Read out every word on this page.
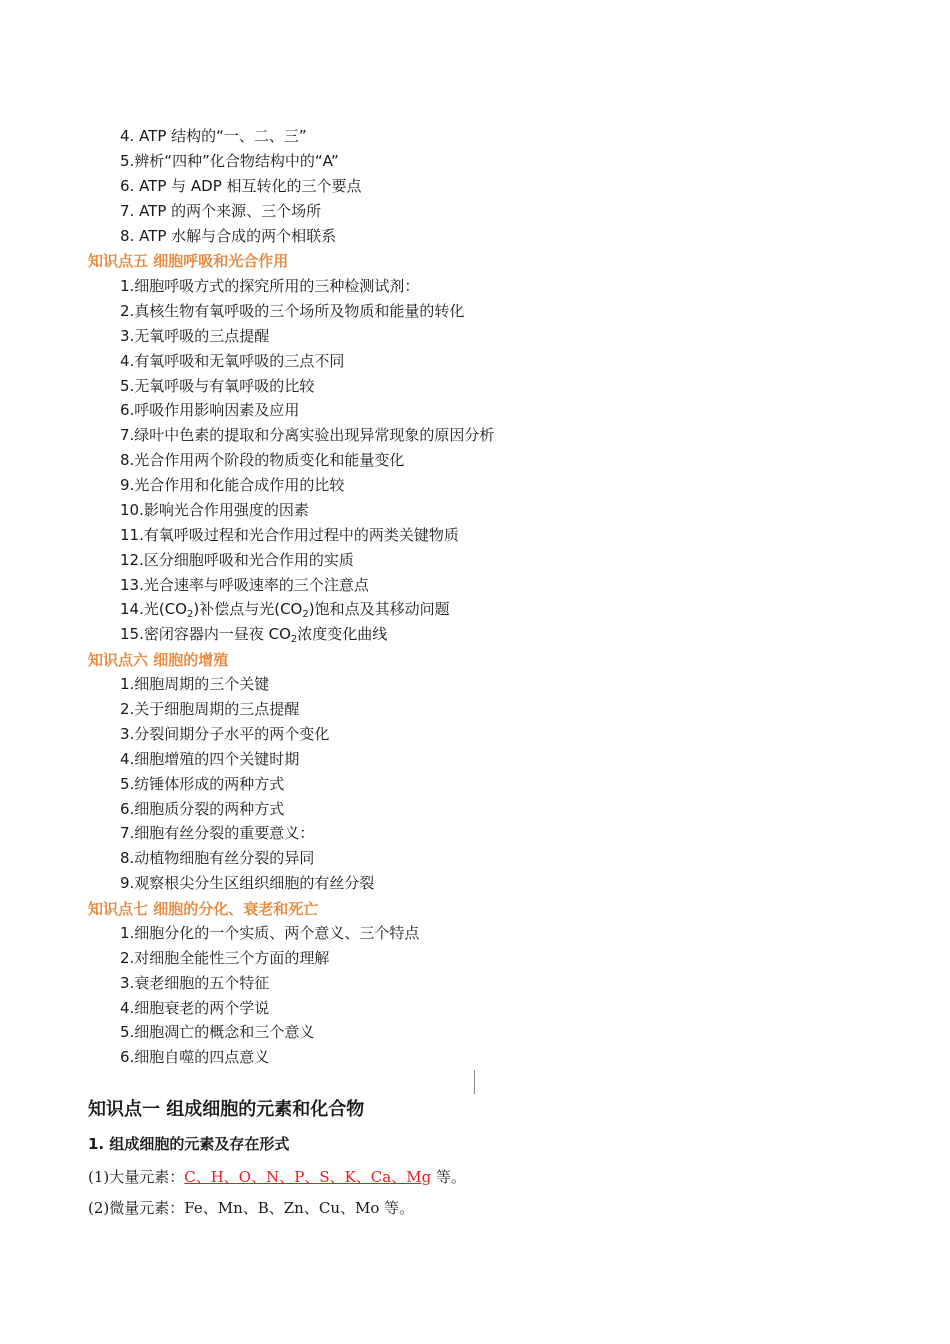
4. ATP 结构的“一、二、三”
5.辨析“四种”化合物结构中的“A”
6. ATP 与 ADP 相互转化的三个要点
7. ATP 的两个来源、三个场所
8. ATP 水解与合成的两个相联系
知识点五 细胞呼吸和光合作用
1.细胞呼吸方式的探究所用的三种检测试剂：
2.真核生物有氧呼吸的三个场所及物质和能量的转化
3.无氧呼吸的三点提醒
4.有氧呼吸和无氧呼吸的三点不同
5.无氧呼吸与有氧呼吸的比较
6.呼吸作用影响因素及应用
7.绿叶中色素的提取和分离实验出现异常现象的原因分析
8.光合作用两个阶段的物质变化和能量变化
9.光合作用和化能合成作用的比较
10.影响光合作用强度的因素
11.有氧呼吸过程和光合作用过程中的两类关键物质
12.区分细胞呼吸和光合作用的实质
13.光合速率与呼吸速率的三个注意点
14.光$(CO_2)$补偿点与光$(CO_2)$饱和点及其移动问题
15.密闭容器内一昼夜 $CO_2$浓度变化曲线
知识点六 细胞的增殖
1.细胞周期的三个关键
2.关于细胞周期的三点提醒
3.分裂间期分子水平的两个变化
4.细胞增殖的四个关键时期
5.纺锤体形成的两种方式
6.细胞质分裂的两种方式
7.细胞有丝分裂的重要意义：
8.动植物细胞有丝分裂的异同
9.观察根尖分生区组织细胞的有丝分裂
知识点七 细胞的分化、衰老和死亡
1.细胞分化的一个实质、两个意义、三个特点
2.对细胞全能性三个方面的理解
3.衰老细胞的五个特征
4.细胞衰老的两个学说
5.细胞凋亡的概念和三个意义
6.细胞自噬的四点意义
知识点一 组成细胞的元素和化合物
1. 组成细胞的元素及存在形式
(1)大量元素：C、H、O、N、P、S、K、Ca、Mg 等。
(2)微量元素：Fe、Mn、B、Zn、Cu、Mo 等。
